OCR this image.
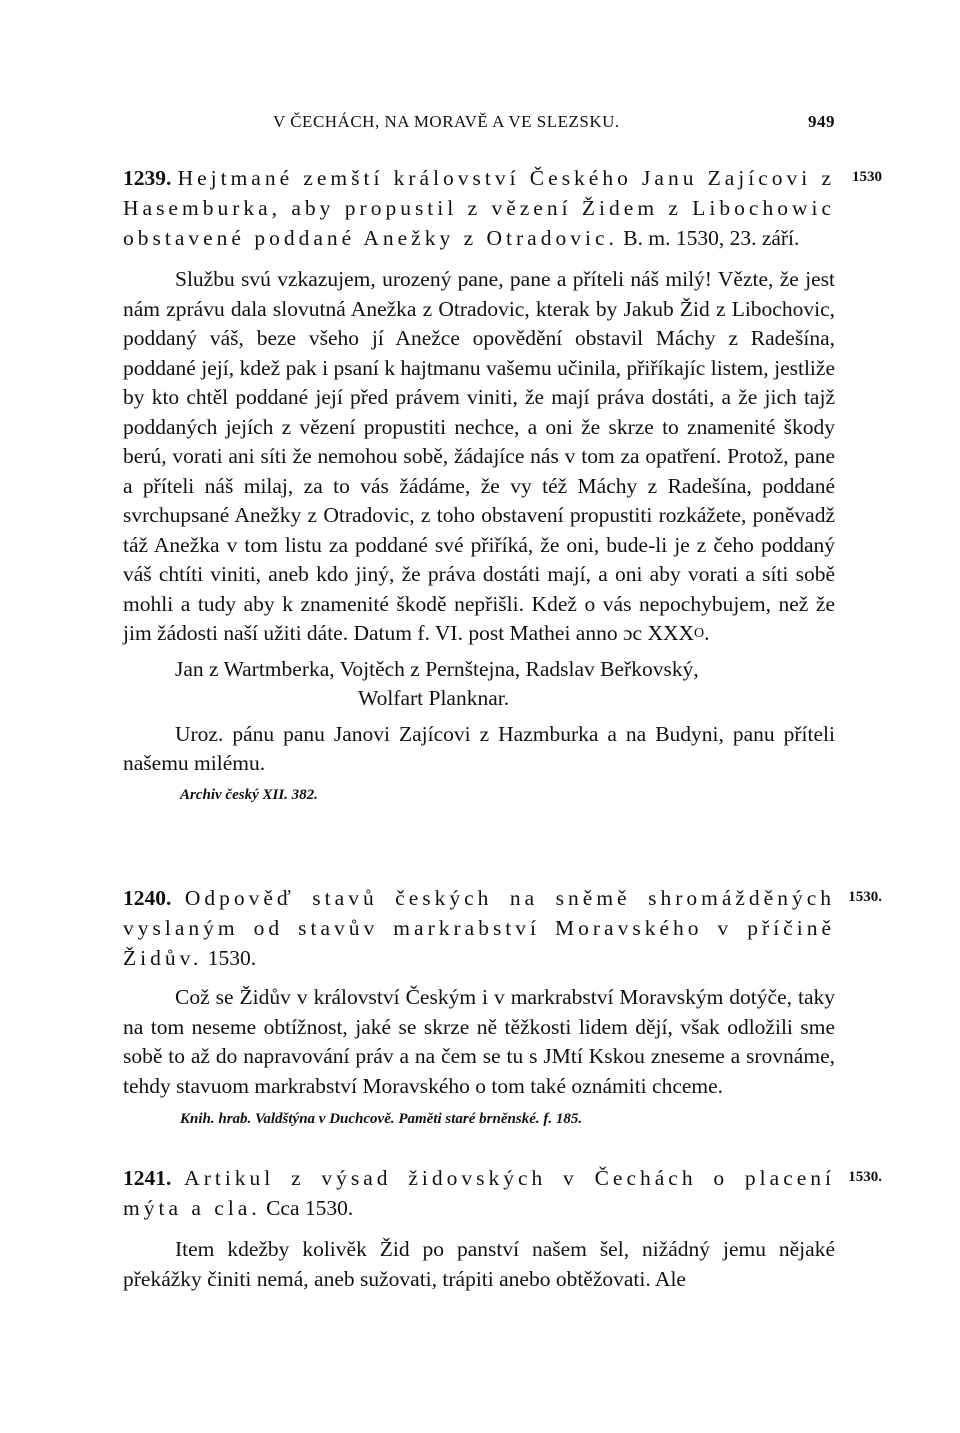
V ČECHÁCH, NA MORAVĚ A VE SLEZSKU.	949

1530
1239. Hejtmané zemští království Českého Janu Zajícovi z Hasemburka, aby propustil z vězení Židem z Libochowic obstavené poddané Anežky z Otradovic. B. m. 1530, 23. září.

Službu svú vzkazujem, urozený pane, pane a příteli náš milý! Vězte, že jest nám zprávu dala slovutná Anežka z Otradovic, kterak by Jakub Žid z Libochovic, poddaný váš, beze všeho jí Anežce opovědění obstavil Máchy z Radešína, poddané její, kdež pak i psaní k hajtmanu vašemu učinila, přiříkajíc listem, jestliže by kto chtěl poddané její před právem viniti, že mají práva dostáti, a že jich tajž poddaných jejích z vězení propustiti nechce, a oni že skrze to znamenité škody berú, vorati ani síti že nemohou sobě, žádajíce nás v tom za opatření. Protož, pane a příteli náš milaj, za to vás žádáme, že vy též Máchy z Radešína, poddané svrchupsané Anežky z Otradovic, z toho obstavení propustiti rozkážete, poněvadž táž Anežka v tom listu za poddané své přiříká, že oni, bude-li je z čeho poddaný váš chtíti viniti, aneb kdo jiný, že práva dostáti mají, a oni aby vorati a síti sobě mohli a tudy aby k znamenité škodě nepřišli. Kdež o vás nepochybujem, než že jim žádosti naší užiti dáte. Datum f. VI. post Mathei anno ɔc $XXX^O$.

Jan z Wartmberka, Vojtěch z Pernštejna, Radslav Beřkovský,

Wolfart Planknar.

Uroz. pánu panu Janovi Zajícovi z Hazmburka a na Budyni, panu příteli našemu milému.

Archiv český XII. 382.

1530.
1240. Odpověď stavů českých na sněmě shromážděných vyslaným od stavův markrabství Moravského v příčině Židův. 1530.

Což se Židův v království Českým i v markrabství Moravským dotýče, taky na tom neseme obtížnost, jaké se skrze ně těžkosti lidem dějí, však odložili sme sobě to až do napravování práv a na čem se tu s JMtí Kskou zneseme a srovnáme, tehdy stavuom markrabství Moravského o tom také oznámiti chceme.

Knih. hrab. Valdštýna v Duchcově. Paměti staré brněnské. f. 185.

1530.
1241. Artikul z výsad židovských v Čechách o placení mýta a cla. Cca 1530.

Item kdežby kolivěk Žid po panství našem šel, nižádný jemu nějaké překážky činiti nemá, aneb sužovati, trápiti anebo obtěžovati. Ale
